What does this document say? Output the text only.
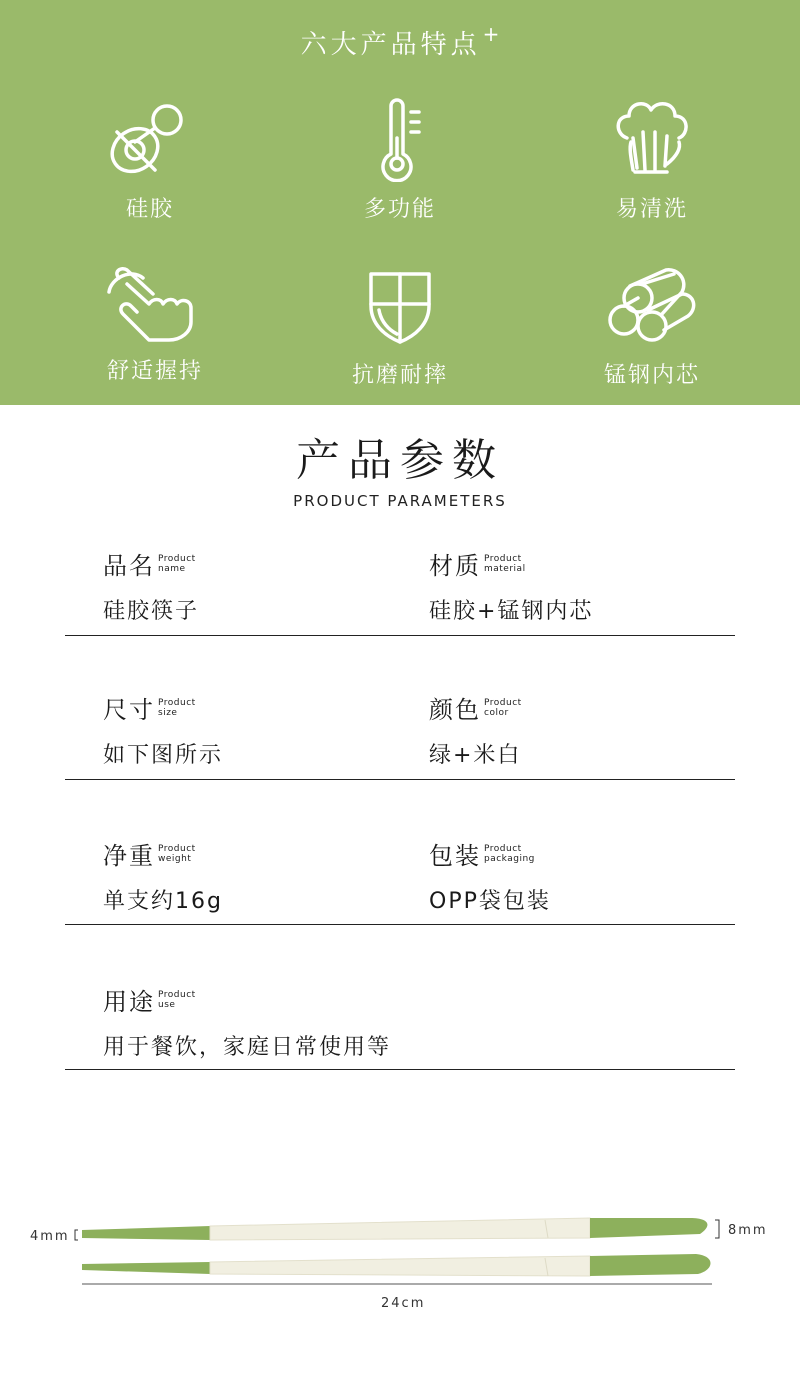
六大产品特点 +
硅胶	多功能	易清洗
舒适握持	抗磨耐摔	锰钢内芯
产品参数
PRODUCT PARAMETERS
品名 Product
name
硅胶筷子
材质 Product
material
硅胶+锰钢内芯
尺寸 Product
size
如下图所示
颜色 Product
color
绿+米白
净重 Product
weight
单支约16g
包装 Product
packaging
OPP袋包装
用途 Product
use
用于餐饮，家庭日常使用等
4mm	8mm
24cm
